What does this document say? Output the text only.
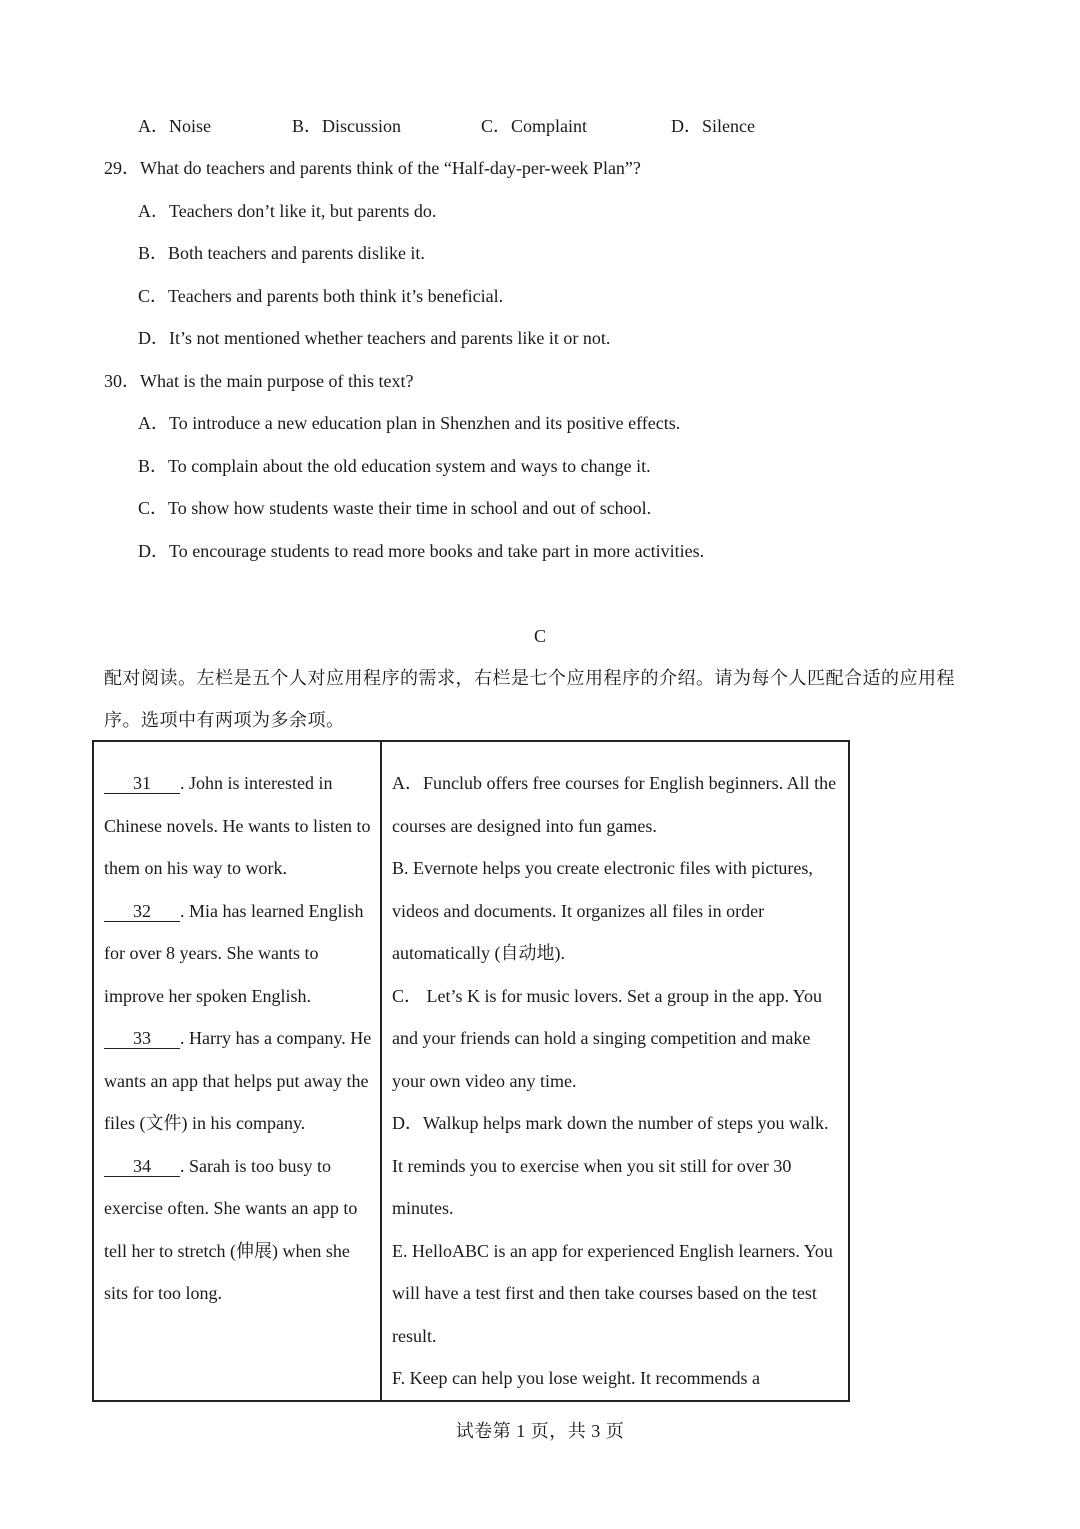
A．Noise	B．Discussion	C．Complaint	D．Silence
29．What do teachers and parents think of the “Half-day-per-week Plan”?
A．Teachers don’t like it, but parents do.
B．Both teachers and parents dislike it.
C．Teachers and parents both think it’s beneficial.
D．It’s not mentioned whether teachers and parents like it or not.
30．What is the main purpose of this text?
A．To introduce a new education plan in Shenzhen and its positive effects.
B．To complain about the old education system and ways to change it.
C．To show how students waste their time in school and out of school.
D．To encourage students to read more books and take part in more activities.
C
配对阅读。左栏是五个人对应用程序的需求，右栏是七个应用程序的介绍。请为每个人匹配合适的应用程
序。选项中有两项为多余项。
31 . John is interested in Chinese novels. He wants to listen to them on his way to work.
32 . Mia has learned English for over 8 years. She wants to improve her spoken English.
33 . Harry has a company. He wants an app that helps put away the files (文件) in his company.
34 . Sarah is too busy to exercise often. She wants an app to tell her to stretch (伸展) when she sits for too long.

A．Funclub offers free courses for English beginners. All the courses are designed into fun games.
B. Evernote helps you create electronic files with pictures, videos and documents. It organizes all files in order automatically (自动地).
C． Let’s K is for music lovers. Set a group in the app. You and your friends can hold a singing competition and make your own video any time.
D．Walkup helps mark down the number of steps you walk. It reminds you to exercise when you sit still for over 30 minutes.
E. HelloABC is an app for experienced English learners. You will have a test first and then take courses based on the test result.
F. Keep can help you lose weight. It recommends a
试卷第 1 页，共 3 页
